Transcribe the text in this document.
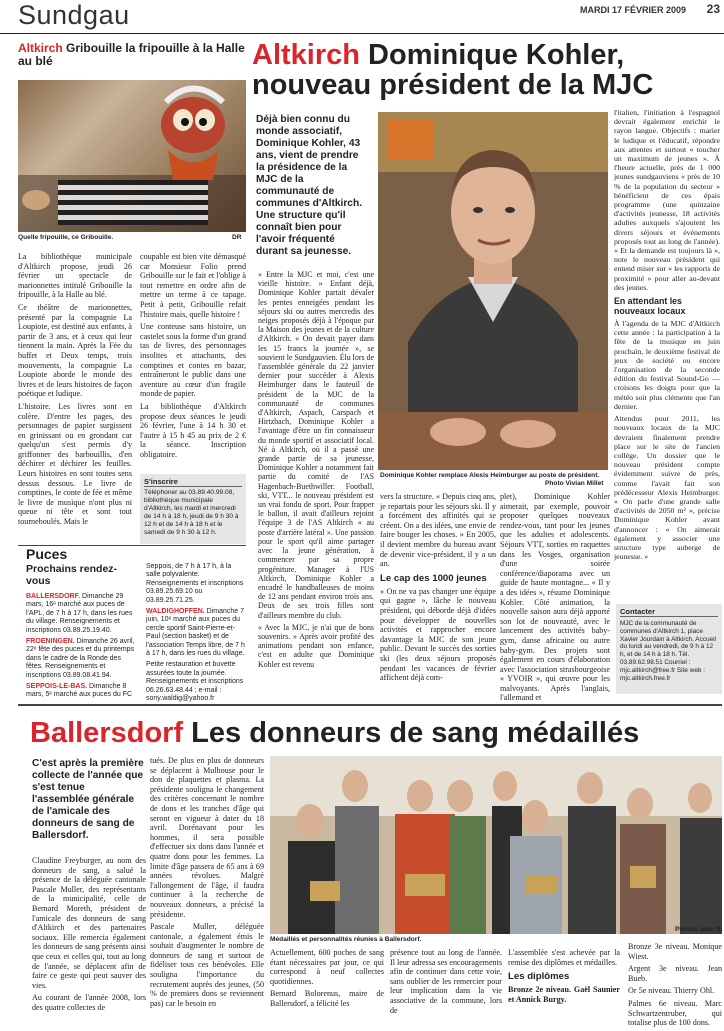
Sundgau	MARDI 17 FÉVRIER 2009 23
Altkirch Gribouille la fripouille à la Halle au blé
Quelle fripouille, ce Gribouille.	DR

La bibliothèque municipale d'Altkirch propose, jeudi 26 février un spectacle de marionnettes intitulé Gribouille la fripouille, à la Halle au blé.

Ce théâtre de marionnettes, présenté par la compagnie La Loupiote, est destiné aux enfants, à partir de 3 ans, et à ceux qui leur tiennent la main. Après la Fée du buffet et Deux temps, trois mouvements, la compagnie La Loupiote aborde le monde des livres et de leurs histoires de façon poétique et ludique.

L'histoire. Les livres sont en colère. D'entre les pages, des personnages de papier surgissent en grinissant ou en grondant car quelqu'un s'est permis d'y griffonner des barbouillis, d'en déchirer et déchirer les feuilles. Leurs histoires en sont toutes sens dessus dessous. Le livre de comptines, le conte de fée et même le livre de musique n'ont plus ni queue ni tête et sont tout tourneboulés. Mais le

coupable est bien vite démasqué car Monsieur Folio prend Gribouille sur le fait et l'oblige à tout remettre en ordre afin de mettre un terme à ce tapage. Petit à petit, Gribouille refait l'histoire mais, quelle histoire !

Une conteuse sans histoire, un castelet sous la forme d'un grand tas de livres, des personnages insolites et attachants, des comptines et contes en bazar, entraîneront le public dans une aventure au cœur d'un fragile monde de papier.

La bibliothèque d'Altkirch propose deux séances le jeudi 26 février, l'une à 14 h 30 et l'autre à 15 h 45 au prix de 2 € la séance. Inscription obligatoire.

S'inscrire
Téléphoner au 03.89.40.99.08, bibliothèque municipale d'Altkirch, les mardi et mercredi de 14 h à 18 h, jeudi de 9 h 30 à 12 h et de 14 h à 18 h et le samedi de 9 h 30 à 12 h.
Puces
Prochains rendez-vous
BALLERSDORF. Dimanche 29 mars, 16ᵉ marché aux puces de l'APL, de 7 h à 17 h, dans les rues du village. Renseignements et inscriptions 03.89.25.19.40.
FROENINGEN. Dimanche 26 avril, 22ᵉ fête des puces et du printemps dans le cadre de la Ronde des fêtes. Renseignements et inscriptions 03.89.08.41.94.
SEPPOIS-LE-BAS. Dimanche 8 mars, 5ᵉ marché aux puces du FC
Seppois, de 7 h à 17 h, à la salle polyvalente. Renseignements et inscriptions 03.89.25.69.10 ou 03.89.25.71.25.
WALDIGHOFFEN. Dimanche 7 juin, 10ᵉ marché aux puces du cercle sportif Saint-Pierre-et-Paul (section basket) et de l'association Temps libre, de 7 h à 17 h, dans les rues du village.
Petite restauration et buvette assurées toute la journée. Renseignements et inscriptions 06.26.63.48.44 ; e-mail : sony.waldig@yahoo.fr
Altkirch Dominique Kohler, nouveau président de la MJC
Déjà bien connu du monde associatif, Dominique Kohler, 43 ans, vient de prendre la présidence de la MJC de la communauté de communes d'Altkirch. Une structure qu'il connaît bien pour l'avoir fréquenté durant sa jeunesse.
Dominique Kohler remplace Alexis Heimburger au poste de président.
Photo Vivian Millet

« Entre la MJC et moi, c'est une vieille histoire. » Enfant déjà, Dominique Kohler partait dévaler les pentes enneigées pendant les séjours ski ou autres mercredis des neiges proposés déjà à l'époque par la Maison des jeunes et de la culture d'Altkirch. « On devait payer dans les 15 francs la journée », se souvient le Sundgauvien. Élu lors de l'assemblée générale du 22 janvier dernier pour succéder à Alexis Heimburger dans le fauteuil de président de la MJC de la communauté de communes d'Altkirch, Aspach, Carspach et Hirtzbach, Dominique Kohler a l'avantage d'être un fin connaisseur du monde sportif et associatif local. Né à Altkirch, où il a passé une grande partie de sa jeunesse, Dominique Kohler a notamment fait partie du comité de l'AS Hagenbach-Buethwiller. Football, ski, VTT... le nouveau président est un vrai fondu de sport. Pour frapper le ballon, il avait d'ailleurs rejoint l'équipe 3 de l'AS Altkirch « au poste d'arrière latéral ». Une passion pour le sport qu'il aime partager avec la jeune génération, à commencer par sa propre progéniture. Manager à l'US Altkirch, Dominique Kohler a encadré le handballeuses de moins de 12 ans pendant environ trois ans. Deux de ses trois filles sont d'ailleurs membre du club.

« Avec la MJC, je n'ai que de bons souvenirs. » Après avoir profité des animations pendant son enfance, c'est en adulte que Dominique Kohler est revenu

vers la structure. « Depuis cinq ans, je repartais pour les séjours ski. Il y a forcément des affinités qui se créent. On a des idées, une envie de faire bouger les choses. » En 2005, il devient membre du bureau avant de devenir vice-président, il y a un an.

Le cap des 1000 jeunes

« On ne va pas changer une équipe qui gagne », lâche le nouveau président, qui déborde déjà d'idées pour développer de nouvelles activités et rapprocher encore davantage la MJC de son jeune public. Devant le succès des sorties ski (les deux séjours proposés pendant les vacances de février affichent déjà com-

plet), Dominique Kohler aimerait, par exemple, pouvoir proposer quelques nouveaux rendez-vous, tant pour les jeunes que les adultes et adolescents. Séjours VTT, sorties en raquettes dans les Vosges, organisation d'une soirée conférence/diaporama avec un guide de haute montagne... « Il y a des idées », résume Dominique Kohler. Côté animation, la nouvelle saison aura déjà apporté son lot de nouveauté, avec le lancement des activités baby-gym, danse africaine ou autre baby-gym. Des projets sont également en cours d'élaboration avec l'association strasbourgeoise « YVOIR », qui œuvre pour les malvoyants. Après l'anglais, l'allemand et

l'italien, l'initiation à l'espagnol devrait également enrichir le rayon langue. Objectifs : marier le ludique et l'éducatif, répondre aux attentes et surtout « toucher un maximum de jeunes ». À l'heure actuelle, près de 1 000 jeunes sundgauviens « près de 10 % de la population du secteur » bénéficient de ces épais programme (une quinzaine d'activités jeunesse, 18 activités adultes auxquels s'ajoutent les divers séjours et événements proposés tout au long de l'année). « Et la demande est toujours là », note le nouveau président qui entend miser sur « les rapports de proximité » pour aller au-devant des jeunes.

En attendant les nouveaux locaux

À l'agenda de la MJC d'Altkirch cette année : la participation à la fête de la musique en juin prochain, le deuxième festival de jeux de société ou encore l'organisation de la seconde édition du festival Sound-Go — croisons les doigts pour que la météo soit plus clémente que l'an dernier.

Attendus pour 2011, les nouveaux locaux de la MJC devraient finalement prendre place sur le site de l'ancien collège. Un dossier que le nouveau président compte évidemment suivre de près, comme l'avait fait son prédécesseur Alexis Heimburger. « On parle d'une grande salle d'activités de 2050 m² », précise Dominique Kohler avant d'annoncer : « On aimerait également y associer une structure type auberge de jeunesse. »

Contacter
MJC de la communauté de communes d'Altkirch 1, place Xavier Jourdain à Altkirch. Accueil du lundi au vendredi, de 9 h à 12 h, et de 14 h à 18 h. Tél. 03.89.62.98.51 Courriel : mjc.altkirch@free.fr Site web : mjc.altkirch.free.fr
Ballersdorf Les donneurs de sang médaillés
C'est après la première collecte de l'année que s'est tenue l'assemblée générale de l'amicale des donneurs de sang de Ballersdorf.
Médaillés et personnalités réunies à Ballersdorf.
Photos Jean B.

Claudine Freyburger, au nom des donneurs de sang, a salué la présence de la déléguée cantonale Pascale Muller, des représentants de la municipalité, celle de Bernard Moreth, président de l'amicale des donneurs de sang d'Altkirch et des partenaires sociaux. Elle remercia également les donneurs de sang présents ainsi que ceux et celles qui, tout au long de l'année, se déplacent afin de faire ce geste qui peut sauver des vies.

Au courant de l'année 2008, lors des quatre collectes de

tués. De plus en plus de donneurs se déplacent à Mulhouse pour le don de plaquettes et plasma. La présidente souligna le changement des critères concernant le nombre de dons et les tranches d'âge qui seront en vigueur à dater du 18 avril. Dorénavant pour les hommes, il sera possible d'effectuer six dons dans l'année et quatre dons pour les femmes. La limite d'âge passera de 65 ans à 69 années révolues. Malgré l'allongement de l'âge, il faudra continuer à la recherche de nouveaux donneurs, a précisé la présidente.

Pascale Muller, déléguée cantonale, a également émis le souhait d'augmenter le nombre de donneurs de sang et surtout de fidéliser tous ces bénévoles. Elle souligna l'importance du recrutement auprès des jeunes, (50 % de premiers dons se reviennent pas) car le besoin en

Actuellement, 600 poches de sang étant nécessaires par jour, ce qui correspond à neuf collectes quotidiennes.

Bernard Bolorenus, maire de Ballersdorf, a félicité les

présence tout au long de l'année. Il leur adressa ses encouragements afin de continuer dans cette voie, sans oublier de les remercier pour leur implication dans la vie associative de la commune, lors de

L'assemblée s'est achevée par la remise des diplômes et médailles.

Les diplômes

Bronze 2e niveau. Gaël Saunier et Annick Burgy.

Bronze 3e niveau. Monique Wiest.

Argent 3e niveau. Jean Bueb.

Or 5e niveau. Thierry Ohl.

Palmes 6e niveau. Marc Schwartzentruber, qui totalise plus de 100 dons.
